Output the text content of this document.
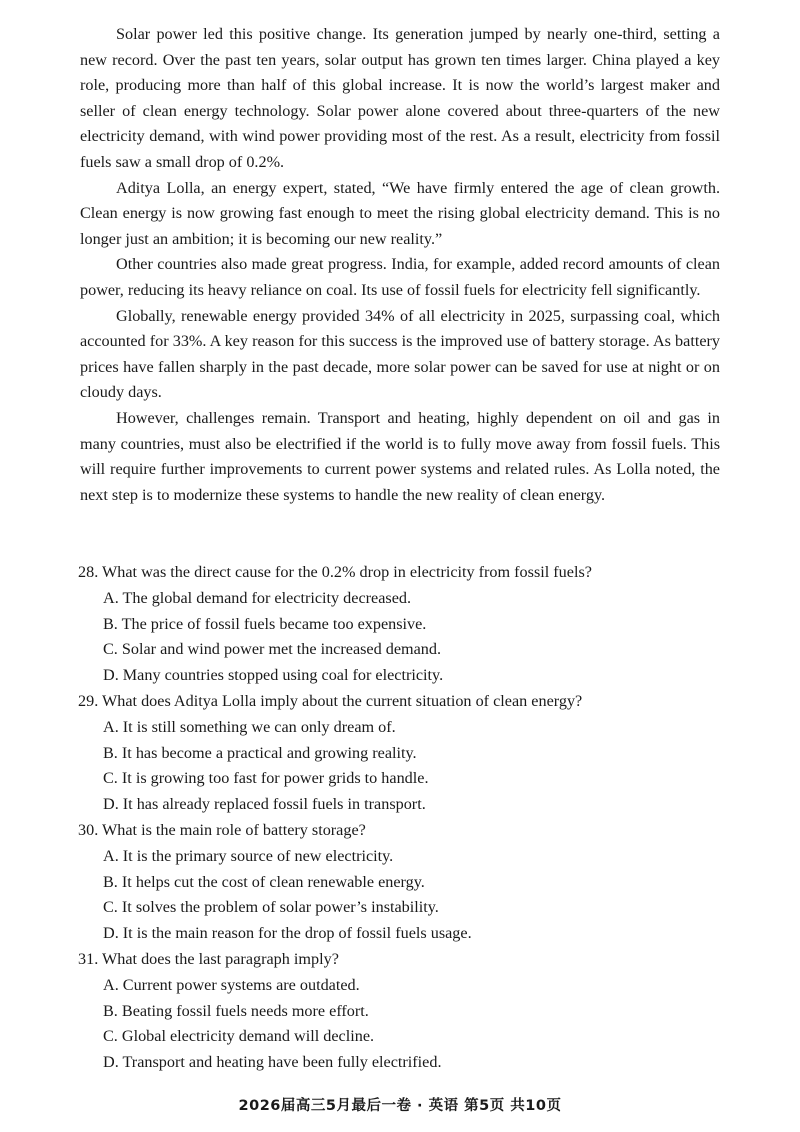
Solar power led this positive change. Its generation jumped by nearly one-third, setting a new record. Over the past ten years, solar output has grown ten times larger. China played a key role, producing more than half of this global increase. It is now the world’s largest maker and seller of clean energy technology. Solar power alone covered about three-quarters of the new electricity demand, with wind power providing most of the rest. As a result, electricity from fossil fuels saw a small drop of 0.2%.

Aditya Lolla, an energy expert, stated, “We have firmly entered the age of clean growth. Clean energy is now growing fast enough to meet the rising global electricity demand. This is no longer just an ambition; it is becoming our new reality.”

Other countries also made great progress. India, for example, added record amounts of clean power, reducing its heavy reliance on coal. Its use of fossil fuels for electricity fell significantly.

Globally, renewable energy provided 34% of all electricity in 2025, surpassing coal, which accounted for 33%. A key reason for this success is the improved use of battery storage. As battery prices have fallen sharply in the past decade, more solar power can be saved for use at night or on cloudy days.

However, challenges remain. Transport and heating, highly dependent on oil and gas in many countries, must also be electrified if the world is to fully move away from fossil fuels. This will require further improvements to current power systems and related rules. As Lolla noted, the next step is to modernize these systems to handle the new reality of clean energy.

28. What was the direct cause for the 0.2% drop in electricity from fossil fuels?

A. The global demand for electricity decreased.
B. The price of fossil fuels became too expensive.
C. Solar and wind power met the increased demand.
D. Many countries stopped using coal for electricity.

29. What does Aditya Lolla imply about the current situation of clean energy?

A. It is still something we can only dream of.
B. It has become a practical and growing reality.
C. It is growing too fast for power grids to handle.
D. It has already replaced fossil fuels in transport.

30. What is the main role of battery storage?

A. It is the primary source of new electricity.
B. It helps cut the cost of clean renewable energy.
C. It solves the problem of solar power’s instability.
D. It is the main reason for the drop of fossil fuels usage.

31. What does the last paragraph imply?

A. Current power systems are outdated.
B. Beating fossil fuels needs more effort.
C. Global electricity demand will decline.
D. Transport and heating have been fully electrified.
2026届高三5月最后一卷 · 英语 第5页 共10页
